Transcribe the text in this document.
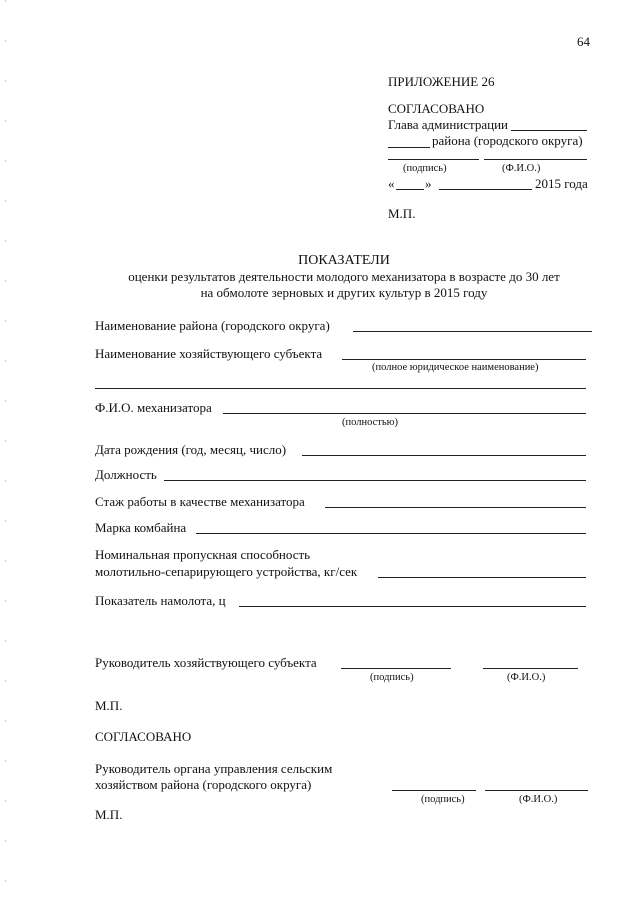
64
ПРИЛОЖЕНИЕ 26
СОГЛАСОВАНО
Глава администрации
района (городского округа)
(подпись)	(Ф.И.О.)
« »	2015 года
М.П.
ПОКАЗАТЕЛИ
оценки результатов деятельности молодого механизатора в возрасте до 30 лет
на обмолоте зерновых и других культур в 2015 году
Наименование района (городского округа)
Наименование хозяйствующего субъекта
(полное юридическое наименование)
Ф.И.О. механизатора
(полностью)
Дата рождения (год, месяц, число)
Должность
Стаж работы в качестве механизатора
Марка комбайна
Номинальная пропускная способность
молотильно-сепарирующего устройства, кг/сек
Показатель намолота, ц
Руководитель хозяйствующего субъекта
(подпись)	(Ф.И.О.)
М.П.
СОГЛАСОВАНО
Руководитель органа управления сельским
хозяйством района (городского округа)
(подпись)	(Ф.И.О.)
М.П.
